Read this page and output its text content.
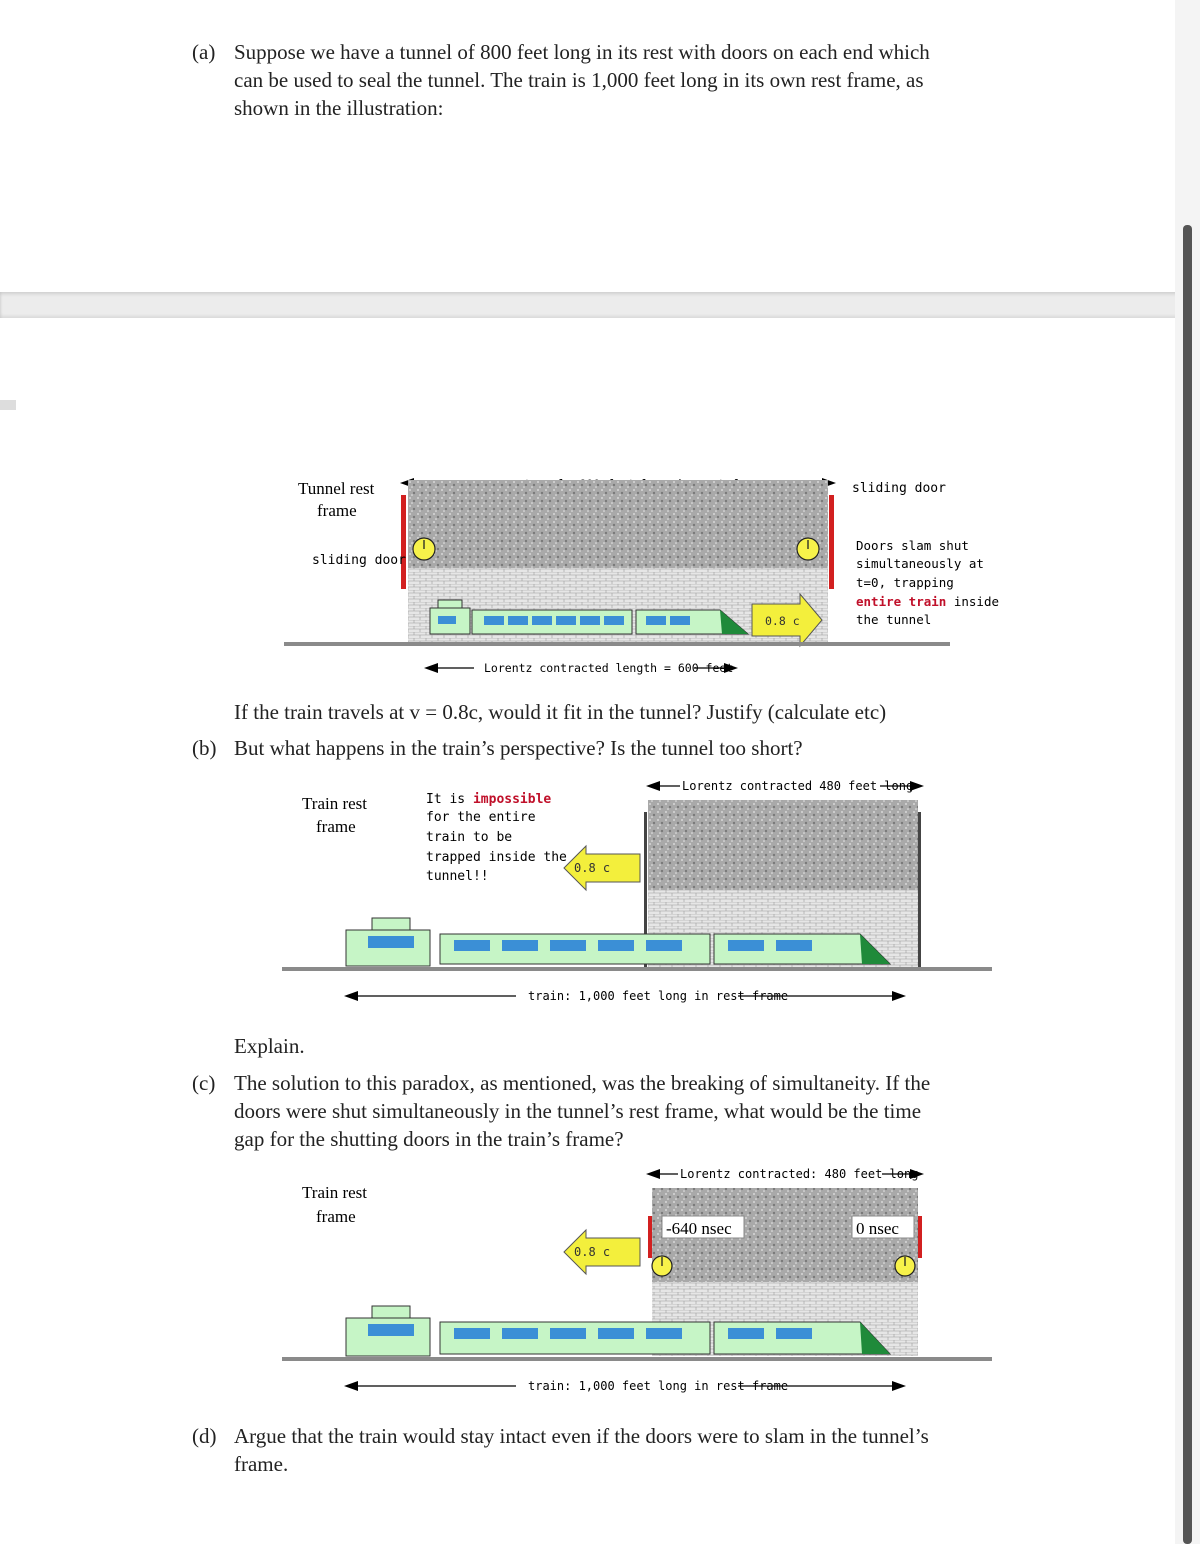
(a) Suppose we have a tunnel of 800 feet long in its rest with doors on each end which
can be used to seal the tunnel. The train is 1,000 feet long in its own rest frame, as
shown in the illustration:
0.8 c
Lorentz contracted length = 600 feet
Tunnel rest
frame
sliding door
sliding door
Doors slam shut
simultaneously at
t=0, trapping
entire train inside
the tunnel
If the train travels at v = 0.8c, would it fit in the tunnel? Justify (calculate etc)
(b) But what happens in the train’s perspective? Is the tunnel too short?
Lorentz contracted 480 feet long
0.8 c
train: 1,000 feet long in rest frame
Train rest
frame
It is impossible
for the entire
train to be
trapped inside the
tunnel!!
Explain.
(c) The solution to this paradox, as mentioned, was the breaking of simultaneity. If the
doors were shut simultaneously in the tunnel’s rest frame, what would be the time
gap for the shutting doors in the train’s frame?
Lorentz contracted: 480 feet long
-640 nsec	0 nsec
0.8 c
train: 1,000 feet long in rest frame
Train rest
frame
(d) Argue that the train would stay intact even if the doors were to slam in the tunnel’s
frame.
